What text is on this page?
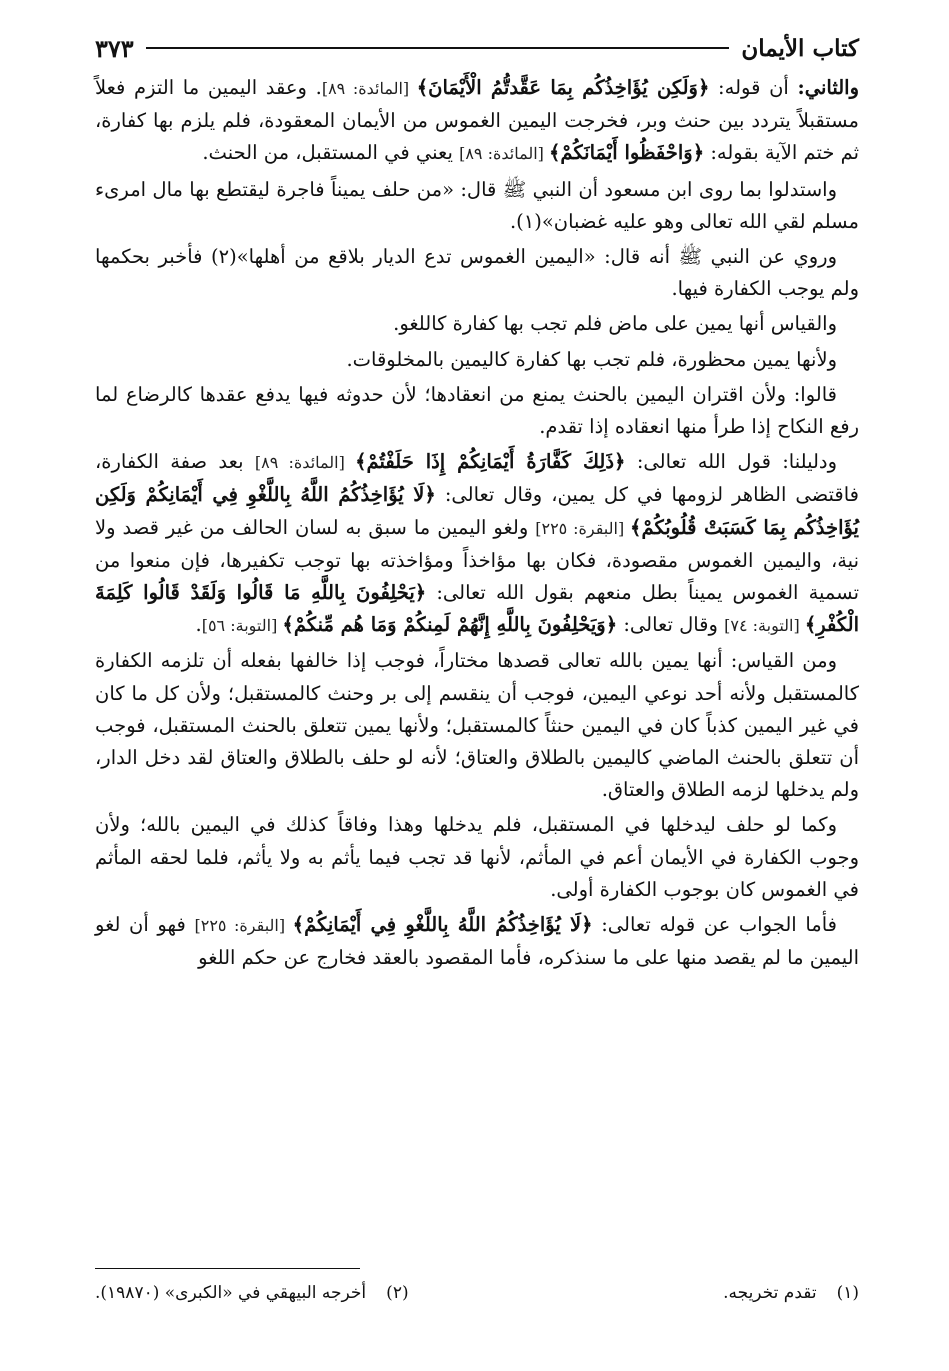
كتاب الأيمان
٣٧٣

والثاني: أن قوله: ﴿وَلَكِن يُؤَاخِذُكُم بِمَا عَقَّدتُّمُ الْأَيْمَانَ﴾ [المائدة: ٨٩]. وعقد اليمين ما التزم فعلاً مستقبلاً يتردد بين حنث وبر، فخرجت اليمين الغموس من الأيمان المعقودة، فلم يلزم بها كفارة، ثم ختم الآية بقوله: ﴿وَاحْفَظُوا أَيْمَانَكُمْ﴾ [المائدة: ٨٩] يعني في المستقبل، من الحنث.

واستدلوا بما روى ابن مسعود أن النبي ﷺ قال: «من حلف يميناً فاجرة ليقتطع بها مال امرىء مسلم لقي الله تعالى وهو عليه غضبان»(١).

وروي عن النبي ﷺ أنه قال: «اليمين الغموس تدع الديار بلاقع من أهلها»(٢) فأخبر بحكمها ولم يوجب الكفارة فيها.

والقياس أنها يمين على ماض فلم تجب بها كفارة كاللغو.

ولأنها يمين محظورة، فلم تجب بها كفارة كاليمين بالمخلوقات.

قالوا: ولأن اقتران اليمين بالحنث يمنع من انعقادها؛ لأن حدوثه فيها يدفع عقدها كالرضاع لما رفع النكاح إذا طرأ منها انعقاده إذا تقدم.

ودليلنا: قول الله تعالى: ﴿ذَلِكَ كَفَّارَةُ أَيْمَانِكُمْ إِذَا حَلَفْتُمْ﴾ [المائدة: ٨٩] بعد صفة الكفارة، فاقتضى الظاهر لزومها في كل يمين، وقال تعالى: ﴿لَا يُؤَاخِذُكُمُ اللَّهُ بِاللَّغْوِ فِي أَيْمَانِكُمْ وَلَكِن يُؤَاخِذُكُم بِمَا كَسَبَتْ قُلُوبُكُمْ﴾ [البقرة: ٢٢٥] ولغو اليمين ما سبق به لسان الحالف من غير قصد ولا نية، واليمين الغموس مقصودة، فكان بها مؤاخذاً ومؤاخذته بها توجب تكفيرها، فإن منعوا من تسمية الغموس يميناً بطل منعهم بقول الله تعالى: ﴿يَحْلِفُونَ بِاللَّهِ مَا قَالُوا وَلَقَدْ قَالُوا كَلِمَةَ الْكُفْرِ﴾ [التوبة: ٧٤] وقال تعالى: ﴿وَيَحْلِفُونَ بِاللَّهِ إِنَّهُمْ لَمِنكُمْ وَمَا هُم مِّنكُمْ﴾ [التوبة: ٥٦].

ومن القياس: أنها يمين بالله تعالى قصدها مختاراً، فوجب إذا خالفها بفعله أن تلزمه الكفارة كالمستقبل ولأنه أحد نوعي اليمين، فوجب أن ينقسم إلى بر وحنث كالمستقبل؛ ولأن كل ما كان في غير اليمين كذباً كان في اليمين حنثاً كالمستقبل؛ ولأنها يمين تتعلق بالحنث المستقبل، فوجب أن تتعلق بالحنث الماضي كاليمين بالطلاق والعتاق؛ لأنه لو حلف بالطلاق والعتاق لقد دخل الدار، ولم يدخلها لزمه الطلاق والعتاق.

وكما لو حلف ليدخلها في المستقبل، فلم يدخلها وهذا وفاقاً كذلك في اليمين بالله؛ ولأن وجوب الكفارة في الأيمان أعم في المأثم، لأنها قد تجب فيما يأثم به ولا يأثم، فلما لحقه المأثم في الغموس كان بوجوب الكفارة أولى.

فأما الجواب عن قوله تعالى: ﴿لَا يُؤَاخِذُكُمُ اللَّهُ بِاللَّغْوِ فِي أَيْمَانِكُمْ﴾ [البقرة: ٢٢٥] فهو أن لغو اليمين ما لم يقصد منها على ما سنذكره، فأما المقصود بالعقد فخارج عن حكم اللغو

(١)تقدم تخريجه.
(٢)أخرجه البيهقي في «الكبرى» (١٩٨٧٠).
